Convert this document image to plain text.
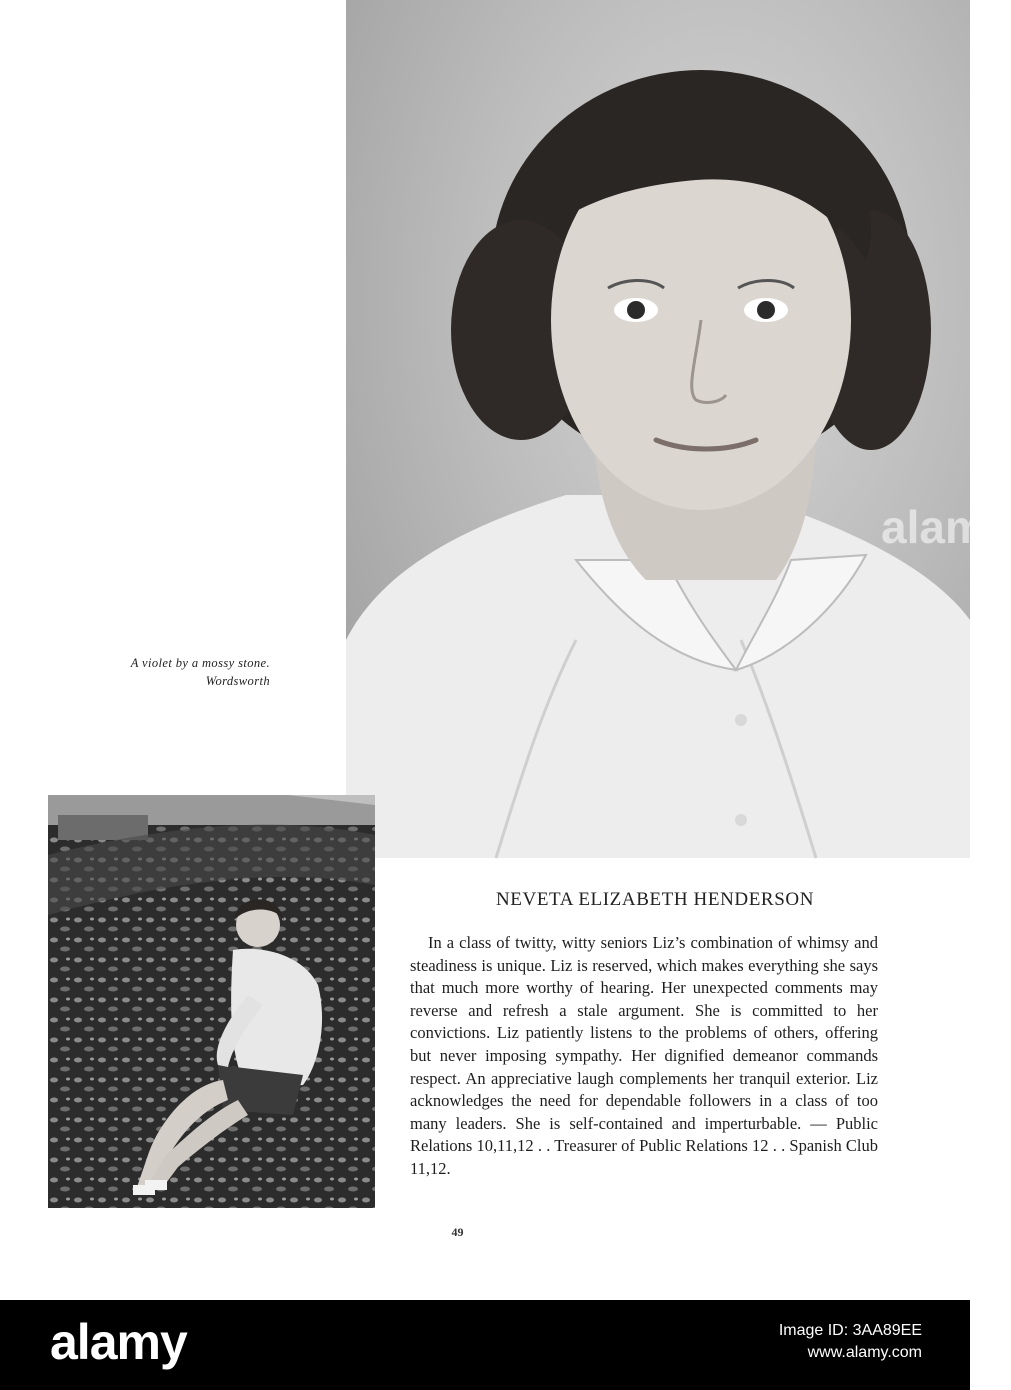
alamy
A violet by a mossy stone.
Wordsworth
NEVETA ELIZABETH HENDERSON

In a class of twitty, witty seniors Liz’s combination of whimsy and steadiness is unique. Liz is reserved, which makes everything she says that much more worthy of hearing. Her unexpected comments may reverse and refresh a stale argument. She is committed to her convictions. Liz patiently listens to the problems of others, offering but never imposing sympathy. Her dignified demeanor commands respect. An appreciative laugh complements her tranquil exterior. Liz acknowledges the need for dependable followers in a class of too many leaders. She is self-contained and imperturbable. — Public Relations 10,11,12 . . Treasurer of Public Relations 12 . . Spanish Club 11,12.

49
alamy	Image ID: 3AA89EE
www.alamy.com
